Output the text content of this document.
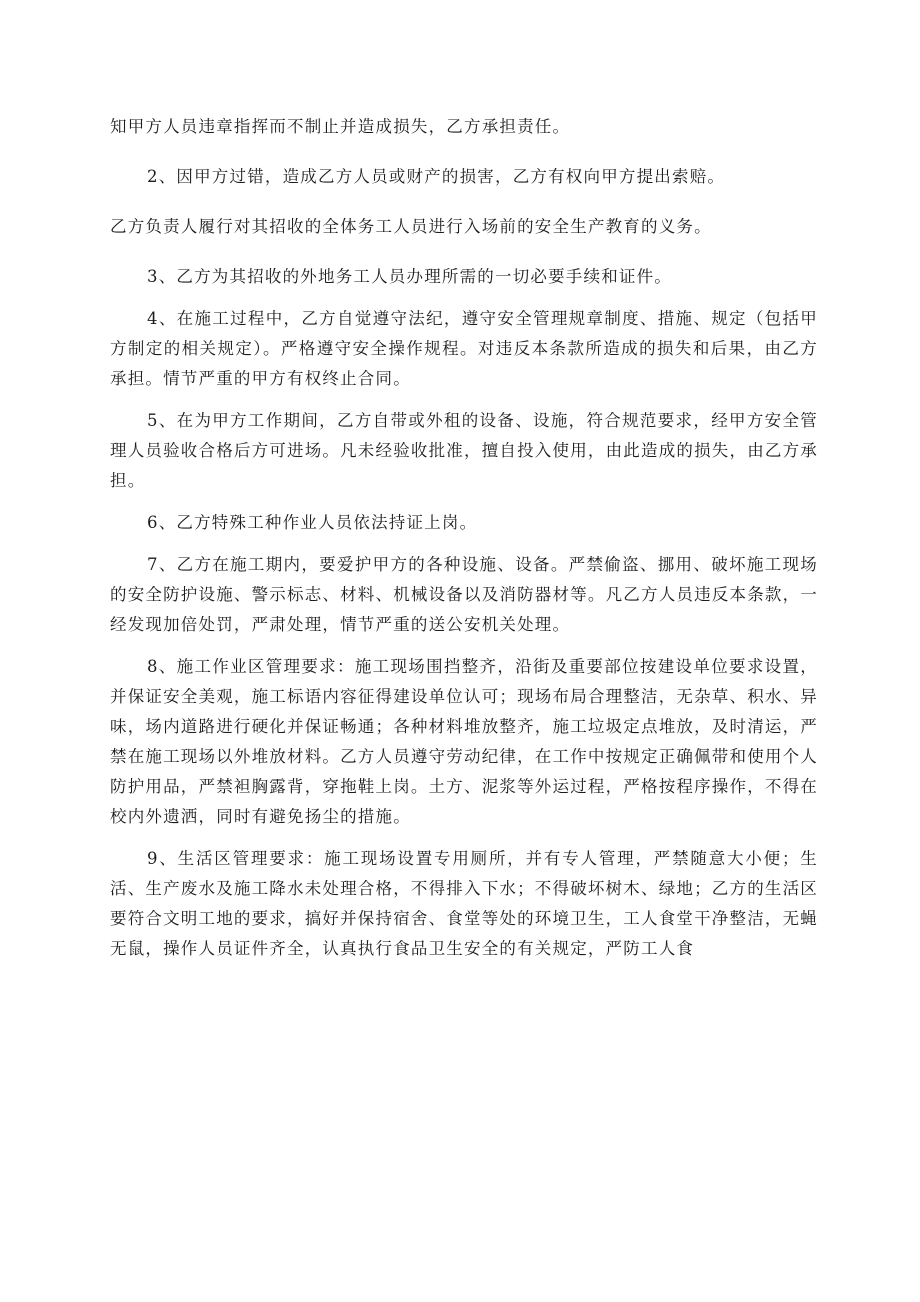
知甲方人员违章指挥而不制止并造成损失，乙方承担责任。

2、因甲方过错，造成乙方人员或财产的损害，乙方有权向甲方提出索赔。

乙方负责人履行对其招收的全体务工人员进行入场前的安全生产教育的义务。

3、乙方为其招收的外地务工人员办理所需的一切必要手续和证件。

4、在施工过程中，乙方自觉遵守法纪，遵守安全管理规章制度、措施、规定（包括甲方制定的相关规定）。严格遵守安全操作规程。对违反本条款所造成的损失和后果，由乙方承担。情节严重的甲方有权终止合同。

5、在为甲方工作期间，乙方自带或外租的设备、设施，符合规范要求，经甲方安全管理人员验收合格后方可进场。凡未经验收批准，擅自投入使用，由此造成的损失，由乙方承担。

6、乙方特殊工种作业人员依法持证上岗。

7、乙方在施工期内，要爱护甲方的各种设施、设备。严禁偷盗、挪用、破坏施工现场的安全防护设施、警示标志、材料、机械设备以及消防器材等。凡乙方人员违反本条款，一经发现加倍处罚，严肃处理，情节严重的送公安机关处理。

8、施工作业区管理要求：施工现场围挡整齐，沿街及重要部位按建设单位要求设置，并保证安全美观，施工标语内容征得建设单位认可；现场布局合理整洁，无杂草、积水、异味，场内道路进行硬化并保证畅通；各种材料堆放整齐，施工垃圾定点堆放，及时清运，严禁在施工现场以外堆放材料。乙方人员遵守劳动纪律，在工作中按规定正确佩带和使用个人防护用品，严禁袒胸露背，穿拖鞋上岗。土方、泥浆等外运过程，严格按程序操作，不得在校内外遗洒，同时有避免扬尘的措施。

9、生活区管理要求：施工现场设置专用厕所，并有专人管理，严禁随意大小便；生活、生产废水及施工降水未处理合格，不得排入下水；不得破坏树木、绿地；乙方的生活区要符合文明工地的要求，搞好并保持宿舍、食堂等处的环境卫生，工人食堂干净整洁，无蝇无鼠，操作人员证件齐全，认真执行食品卫生安全的有关规定，严防工人食
